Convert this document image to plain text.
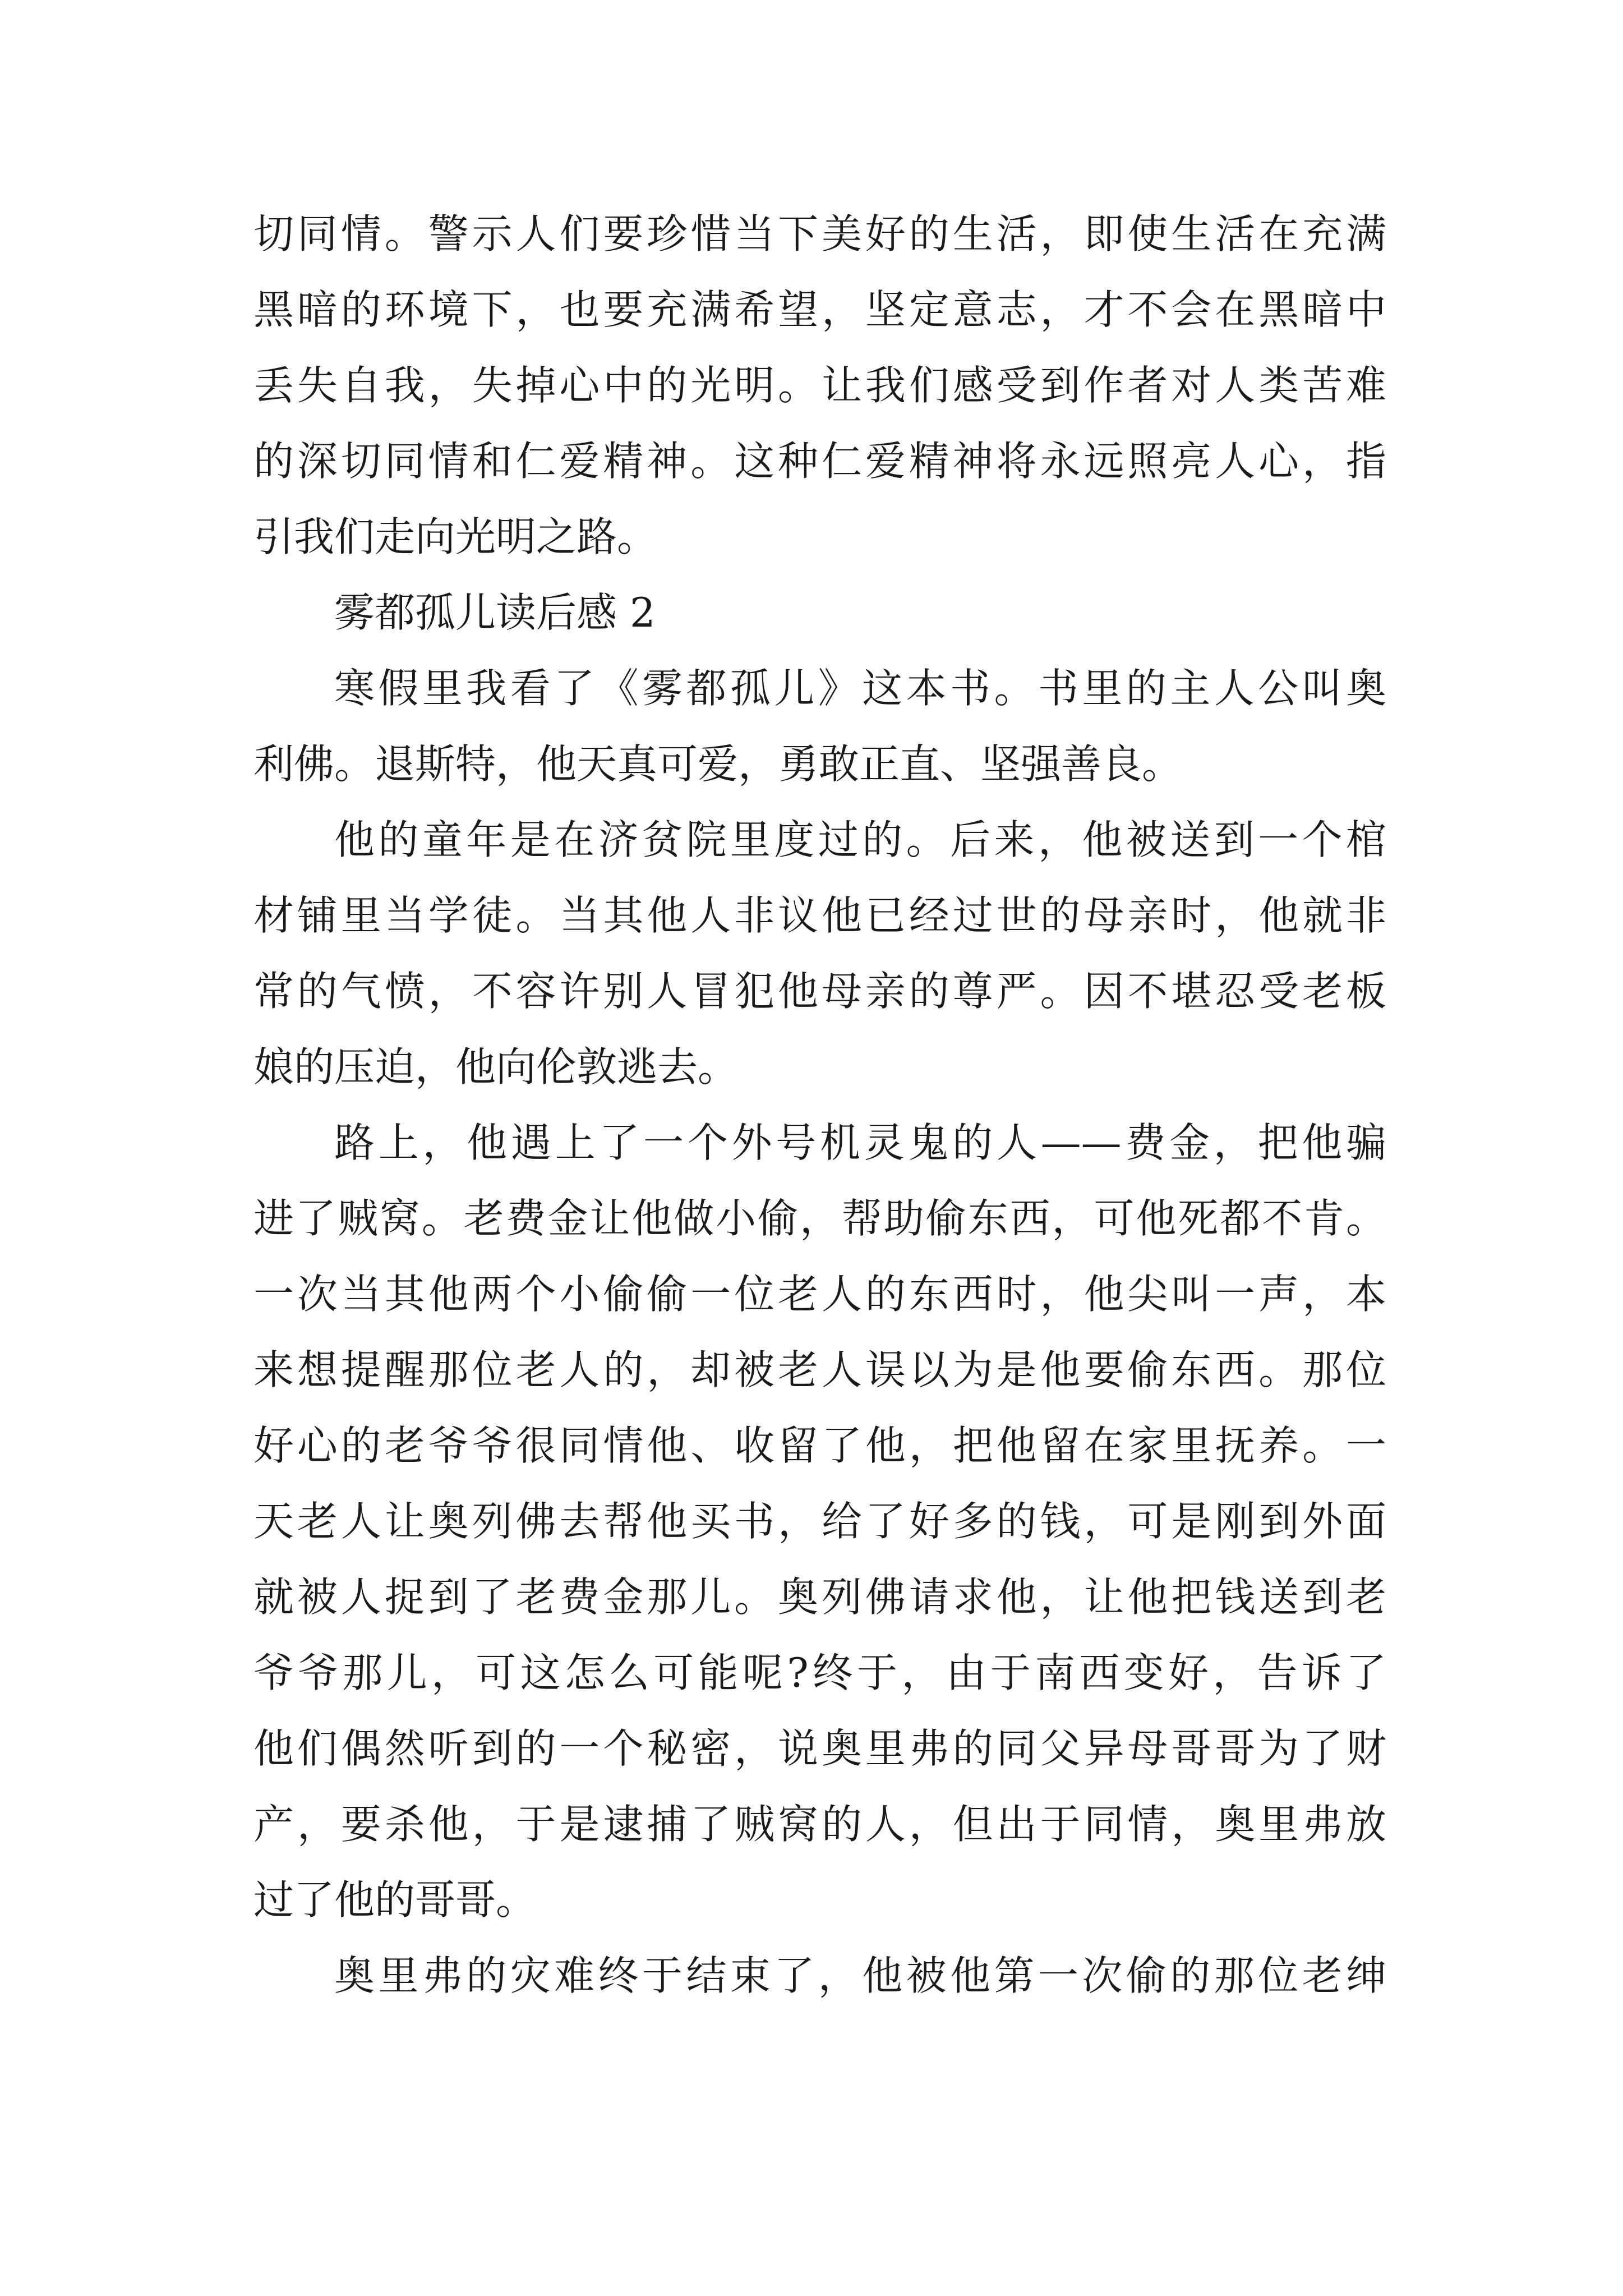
切同情。警示人们要珍惜当下美好的生活，即使生活在充满
黑暗的环境下，也要充满希望，坚定意志，才不会在黑暗中
丢失自我，失掉心中的光明。让我们感受到作者对人类苦难
的深切同情和仁爱精神。这种仁爱精神将永远照亮人心，指
引我们走向光明之路。
雾都孤儿读后感 2
寒假里我看了《雾都孤儿》这本书。书里的主人公叫奥
利佛。退斯特，他天真可爱，勇敢正直、坚强善良。
他的童年是在济贫院里度过的。后来，他被送到一个棺
材铺里当学徒。当其他人非议他已经过世的母亲时，他就非
常的气愤，不容许别人冒犯他母亲的尊严。因不堪忍受老板
娘的压迫，他向伦敦逃去。
路上，他遇上了一个外号机灵鬼的人——费金，把他骗
进了贼窝。老费金让他做小偷，帮助偷东西，可他死都不肯。
一次当其他两个小偷偷一位老人的东西时，他尖叫一声，本
来想提醒那位老人的，却被老人误以为是他要偷东西。那位
好心的老爷爷很同情他、收留了他，把他留在家里抚养。一
天老人让奥列佛去帮他买书，给了好多的钱，可是刚到外面
就被人捉到了老费金那儿。奥列佛请求他，让他把钱送到老
爷爷那儿，可这怎么可能呢?终于，由于南西变好，告诉了
他们偶然听到的一个秘密，说奥里弗的同父异母哥哥为了财
产，要杀他，于是逮捕了贼窝的人，但出于同情，奥里弗放
过了他的哥哥。
奥里弗的灾难终于结束了，他被他第一次偷的那位老绅
